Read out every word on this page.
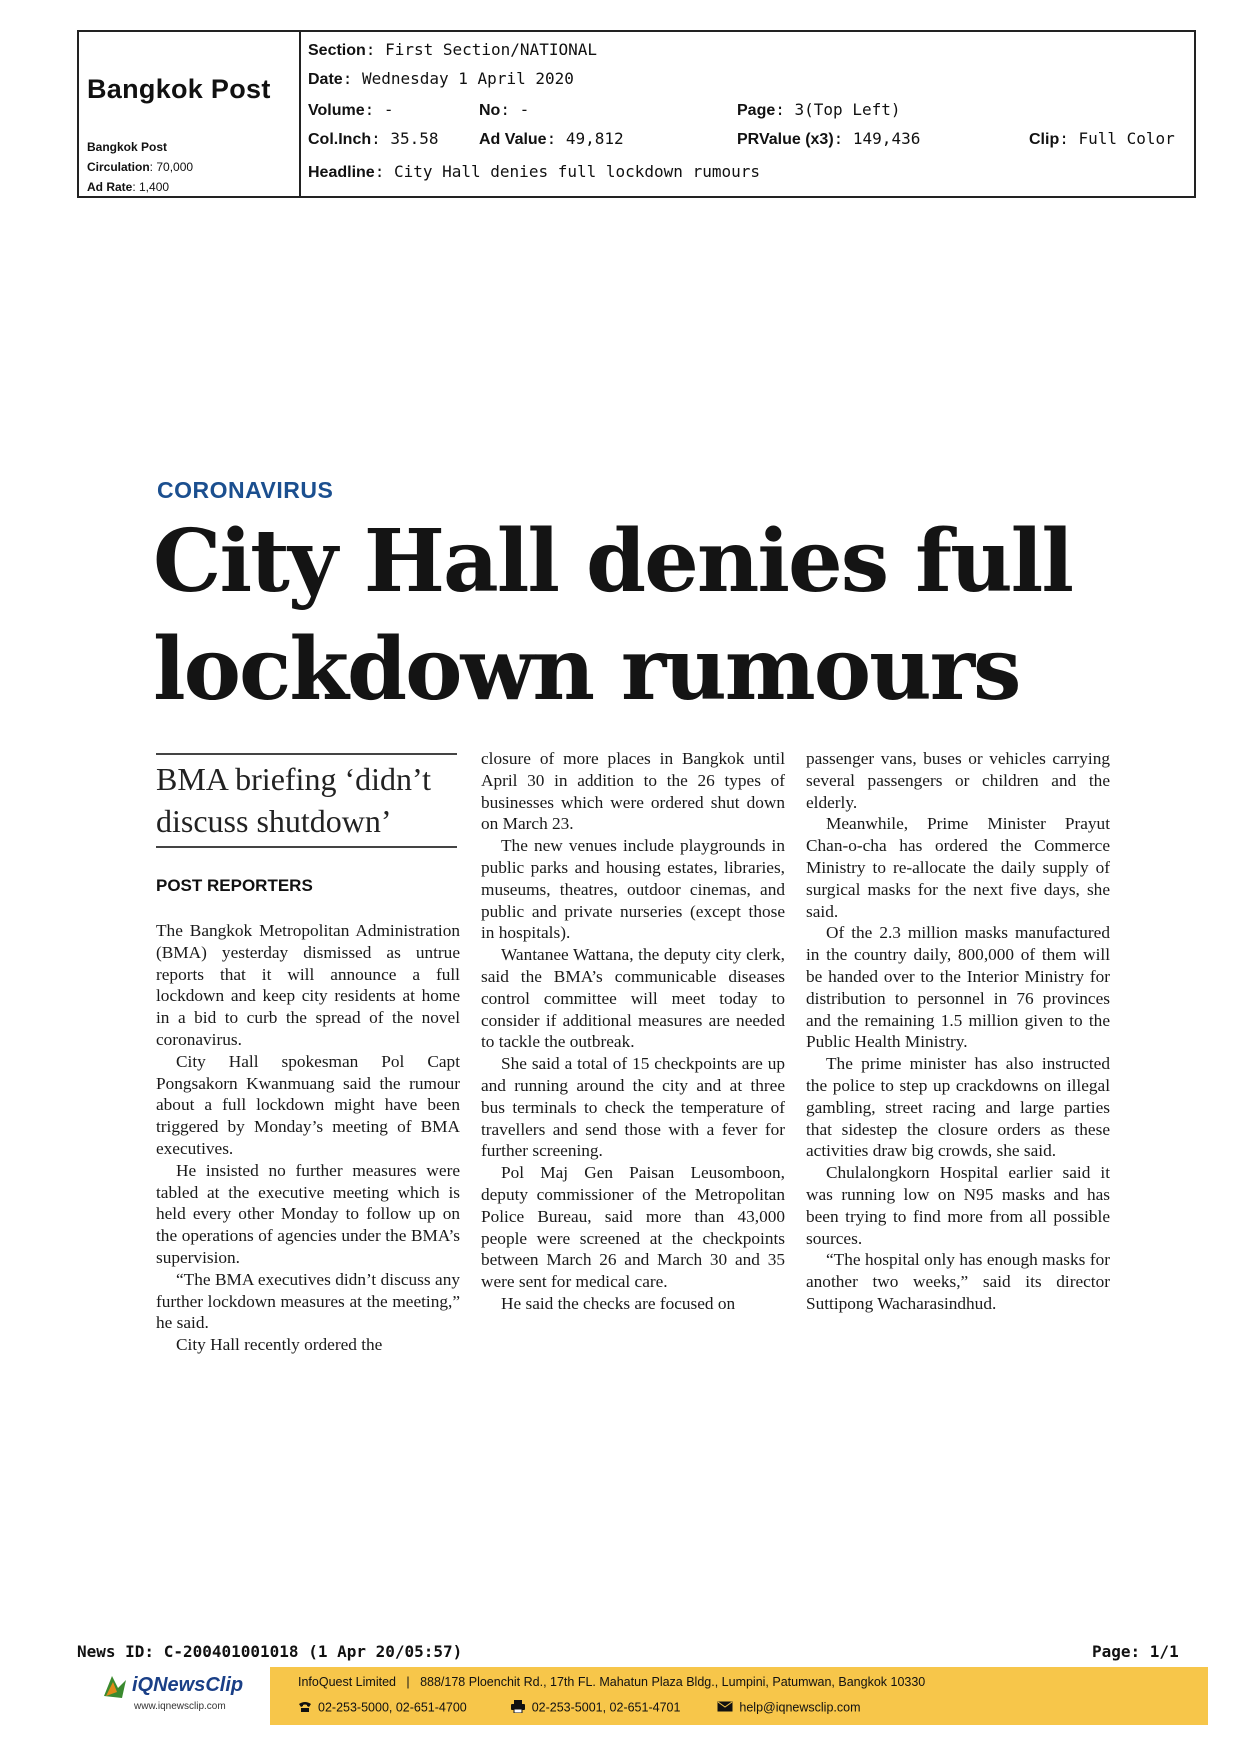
Bangkok Post
Bangkok Post
Circulation: 70,000
Ad Rate: 1,400
Section: First Section/NATIONAL
Date: Wednesday 1 April 2020
Volume: -	No: -	Page: 3(Top Left)
Col.Inch: 35.58	Ad Value: 49,812	PRValue (x3): 149,436	Clip: Full Color
Headline: City Hall denies full lockdown rumours
CORONAVIRUS
City Hall denies full lockdown rumours
BMA briefing ‘didn’t discuss shutdown’
POST REPORTERS

The Bangkok Metropolitan Administration (BMA) yesterday dismissed as untrue reports that it will announce a full lockdown and keep city residents at home in a bid to curb the spread of the novel coronavirus.

City Hall spokesman Pol Capt Pongsakorn Kwanmuang said the rumour about a full lockdown might have been triggered by Monday’s meeting of BMA executives.

He insisted no further measures were tabled at the executive meeting which is held every other Monday to follow up on the operations of agencies under the BMA’s supervision.

“The BMA executives didn’t discuss any further lockdown measures at the meeting,” he said.

City Hall recently ordered the

closure of more places in Bangkok until April 30 in addition to the 26 types of businesses which were ordered shut down on March 23.

The new venues include playgrounds in public parks and housing estates, libraries, museums, theatres, outdoor cinemas, and public and private nurseries (except those in hospitals).

Wantanee Wattana, the deputy city clerk, said the BMA’s communicable diseases control committee will meet today to consider if additional measures are needed to tackle the outbreak.

She said a total of 15 checkpoints are up and running around the city and at three bus terminals to check the temperature of travellers and send those with a fever for further screening.

Pol Maj Gen Paisan Leusomboon, deputy commissioner of the Metropolitan Police Bureau, said more than 43,000 people were screened at the checkpoints between March 26 and March 30 and 35 were sent for medical care.

He said the checks are focused on

passenger vans, buses or vehicles carrying several passengers or children and the elderly.

Meanwhile, Prime Minister Prayut Chan-o-cha has ordered the Commerce Ministry to re-allocate the daily supply of surgical masks for the next five days, she said.

Of the 2.3 million masks manufactured in the country daily, 800,000 of them will be handed over to the Interior Ministry for distribution to personnel in 76 provinces and the remaining 1.5 million given to the Public Health Ministry.

The prime minister has also instructed the police to step up crackdowns on illegal gambling, street racing and large parties that sidestep the closure orders as these activities draw big crowds, she said.

Chulalongkorn Hospital earlier said it was running low on N95 masks and has been trying to find more from all possible sources.

“The hospital only has enough masks for another two weeks,” said its director Suttipong Wacharasindhud.

News ID: C-200401001018 (1 Apr 20/05:57)	Page: 1/1
iQNewsClip
www.iqnewsclip.com
InfoQuest Limited   |   888/178 Ploenchit Rd., 17th FL. Mahatun Plaza Bldg., Lumpini, Patumwan, Bangkok 10330
02-253-5000, 02-651-4700	02-253-5001, 02-651-4701	help@iqnewsclip.com
